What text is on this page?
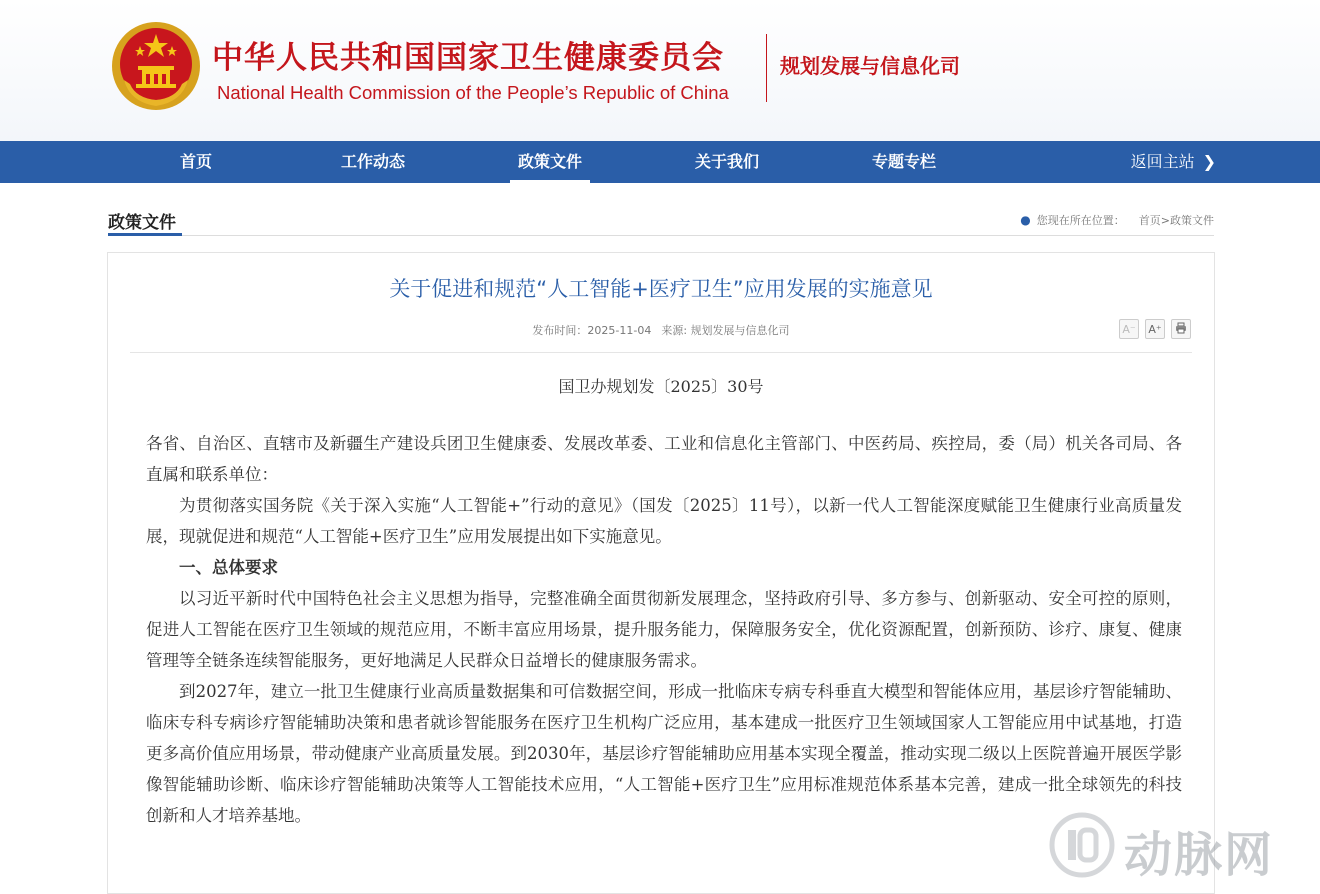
中华人民共和国国家卫生健康委员会
National Health Commission of the People’s Republic of China
规划发展与信息化司
首页	工作动态	政策文件	关于我们	专题专栏	返回主站 ❯
政策文件	● 您现在所在位置： 首页>政策文件
关于促进和规范“人工智能+医疗卫生”应用发展的实施意见
发布时间：2025-11-04 来源: 规划发展与信息化司	A⁻ A⁺
国卫办规划发〔2025〕30号

各省、自治区、直辖市及新疆生产建设兵团卫生健康委、发展改革委、工业和信息化主管部门、中医药局、疾控局，委（局）机关各司局、各直属和联系单位：

为贯彻落实国务院《关于深入实施“人工智能+”行动的意见》（国发〔2025〕11号），以新一代人工智能深度赋能卫生健康行业高质量发展，现就促进和规范“人工智能+医疗卫生”应用发展提出如下实施意见。

一、总体要求

以习近平新时代中国特色社会主义思想为指导，完整准确全面贯彻新发展理念，坚持政府引导、多方参与、创新驱动、安全可控的原则，促进人工智能在医疗卫生领域的规范应用，不断丰富应用场景，提升服务能力，保障服务安全，优化资源配置，创新预防、诊疗、康复、健康管理等全链条连续智能服务，更好地满足人民群众日益增长的健康服务需求。

到2027年，建立一批卫生健康行业高质量数据集和可信数据空间，形成一批临床专病专科垂直大模型和智能体应用，基层诊疗智能辅助、临床专科专病诊疗智能辅助决策和患者就诊智能服务在医疗卫生机构广泛应用，基本建成一批医疗卫生领域国家人工智能应用中试基地，打造更多高价值应用场景，带动健康产业高质量发展。到2030年，基层诊疗智能辅助应用基本实现全覆盖，推动实现二级以上医院普遍开展医学影像智能辅助诊断、临床诊疗智能辅助决策等人工智能技术应用，“人工智能+医疗卫生”应用标准规范体系基本完善，建成一批全球领先的科技创新和人才培养基地。

动脉网
